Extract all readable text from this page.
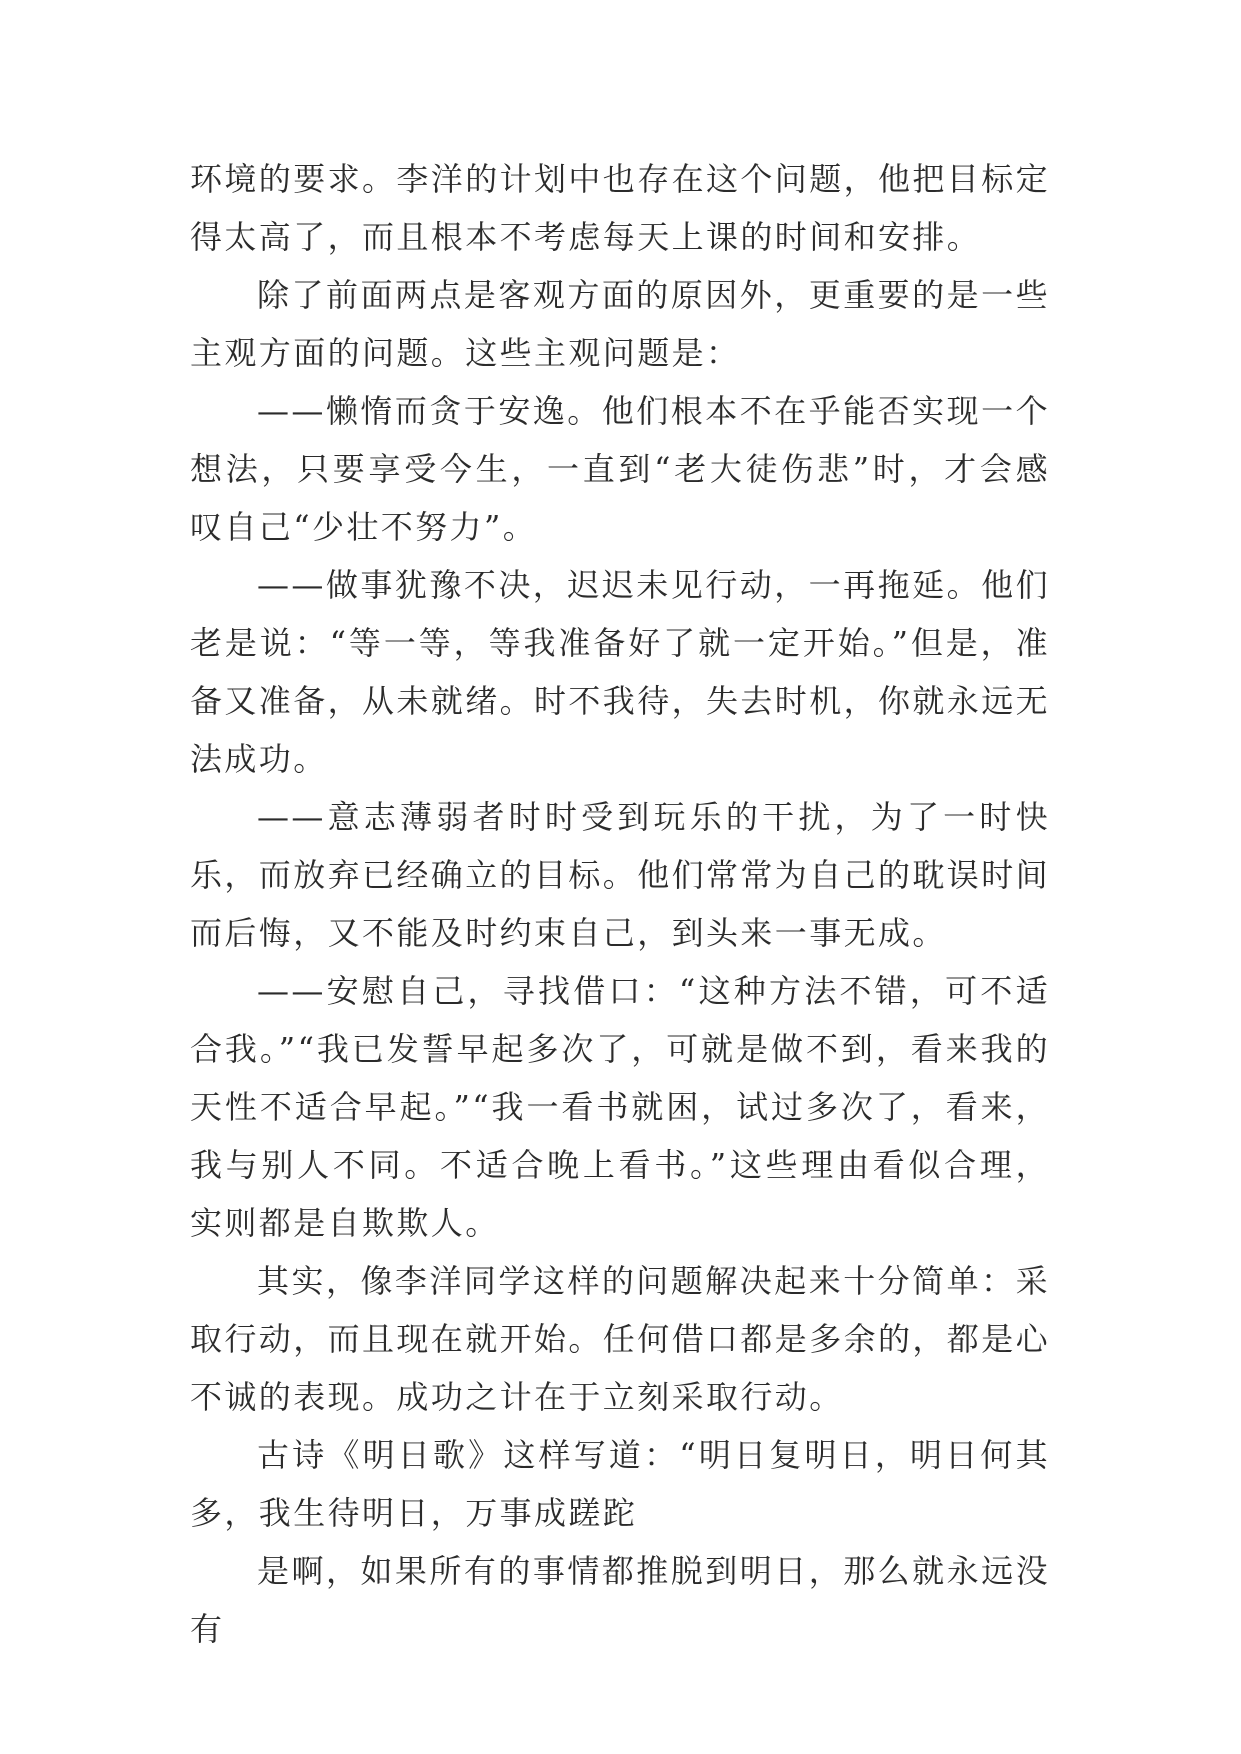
环境的要求。李洋的计划中也存在这个问题，他把目标定得太高了，而且根本不考虑每天上课的时间和安排。

除了前面两点是客观方面的原因外，更重要的是一些主观方面的问题。这些主观问题是：

——懒惰而贪于安逸。他们根本不在乎能否实现一个想法，只要享受今生，一直到“老大徒伤悲”时，才会感叹自己“少壮不努力”。

——做事犹豫不决，迟迟未见行动，一再拖延。他们老是说：“等一等，等我准备好了就一定开始。”但是，准备又准备，从未就绪。时不我待，失去时机，你就永远无法成功。

——意志薄弱者时时受到玩乐的干扰，为了一时快乐，而放弃已经确立的目标。他们常常为自己的耽误时间而后悔，又不能及时约束自己，到头来一事无成。

——安慰自己，寻找借口：“这种方法不错，可不适合我。”“我已发誓早起多次了，可就是做不到，看来我的天性不适合早起。”“我一看书就困，试过多次了，看来，我与别人不同。不适合晚上看书。”这些理由看似合理，实则都是自欺欺人。

其实，像李洋同学这样的问题解决起来十分简单：采取行动，而且现在就开始。任何借口都是多余的，都是心不诚的表现。成功之计在于立刻采取行动。

古诗《明日歌》这样写道：“明日复明日，明日何其多，我生待明日，万事成蹉跎

是啊，如果所有的事情都推脱到明日，那么就永远没有
